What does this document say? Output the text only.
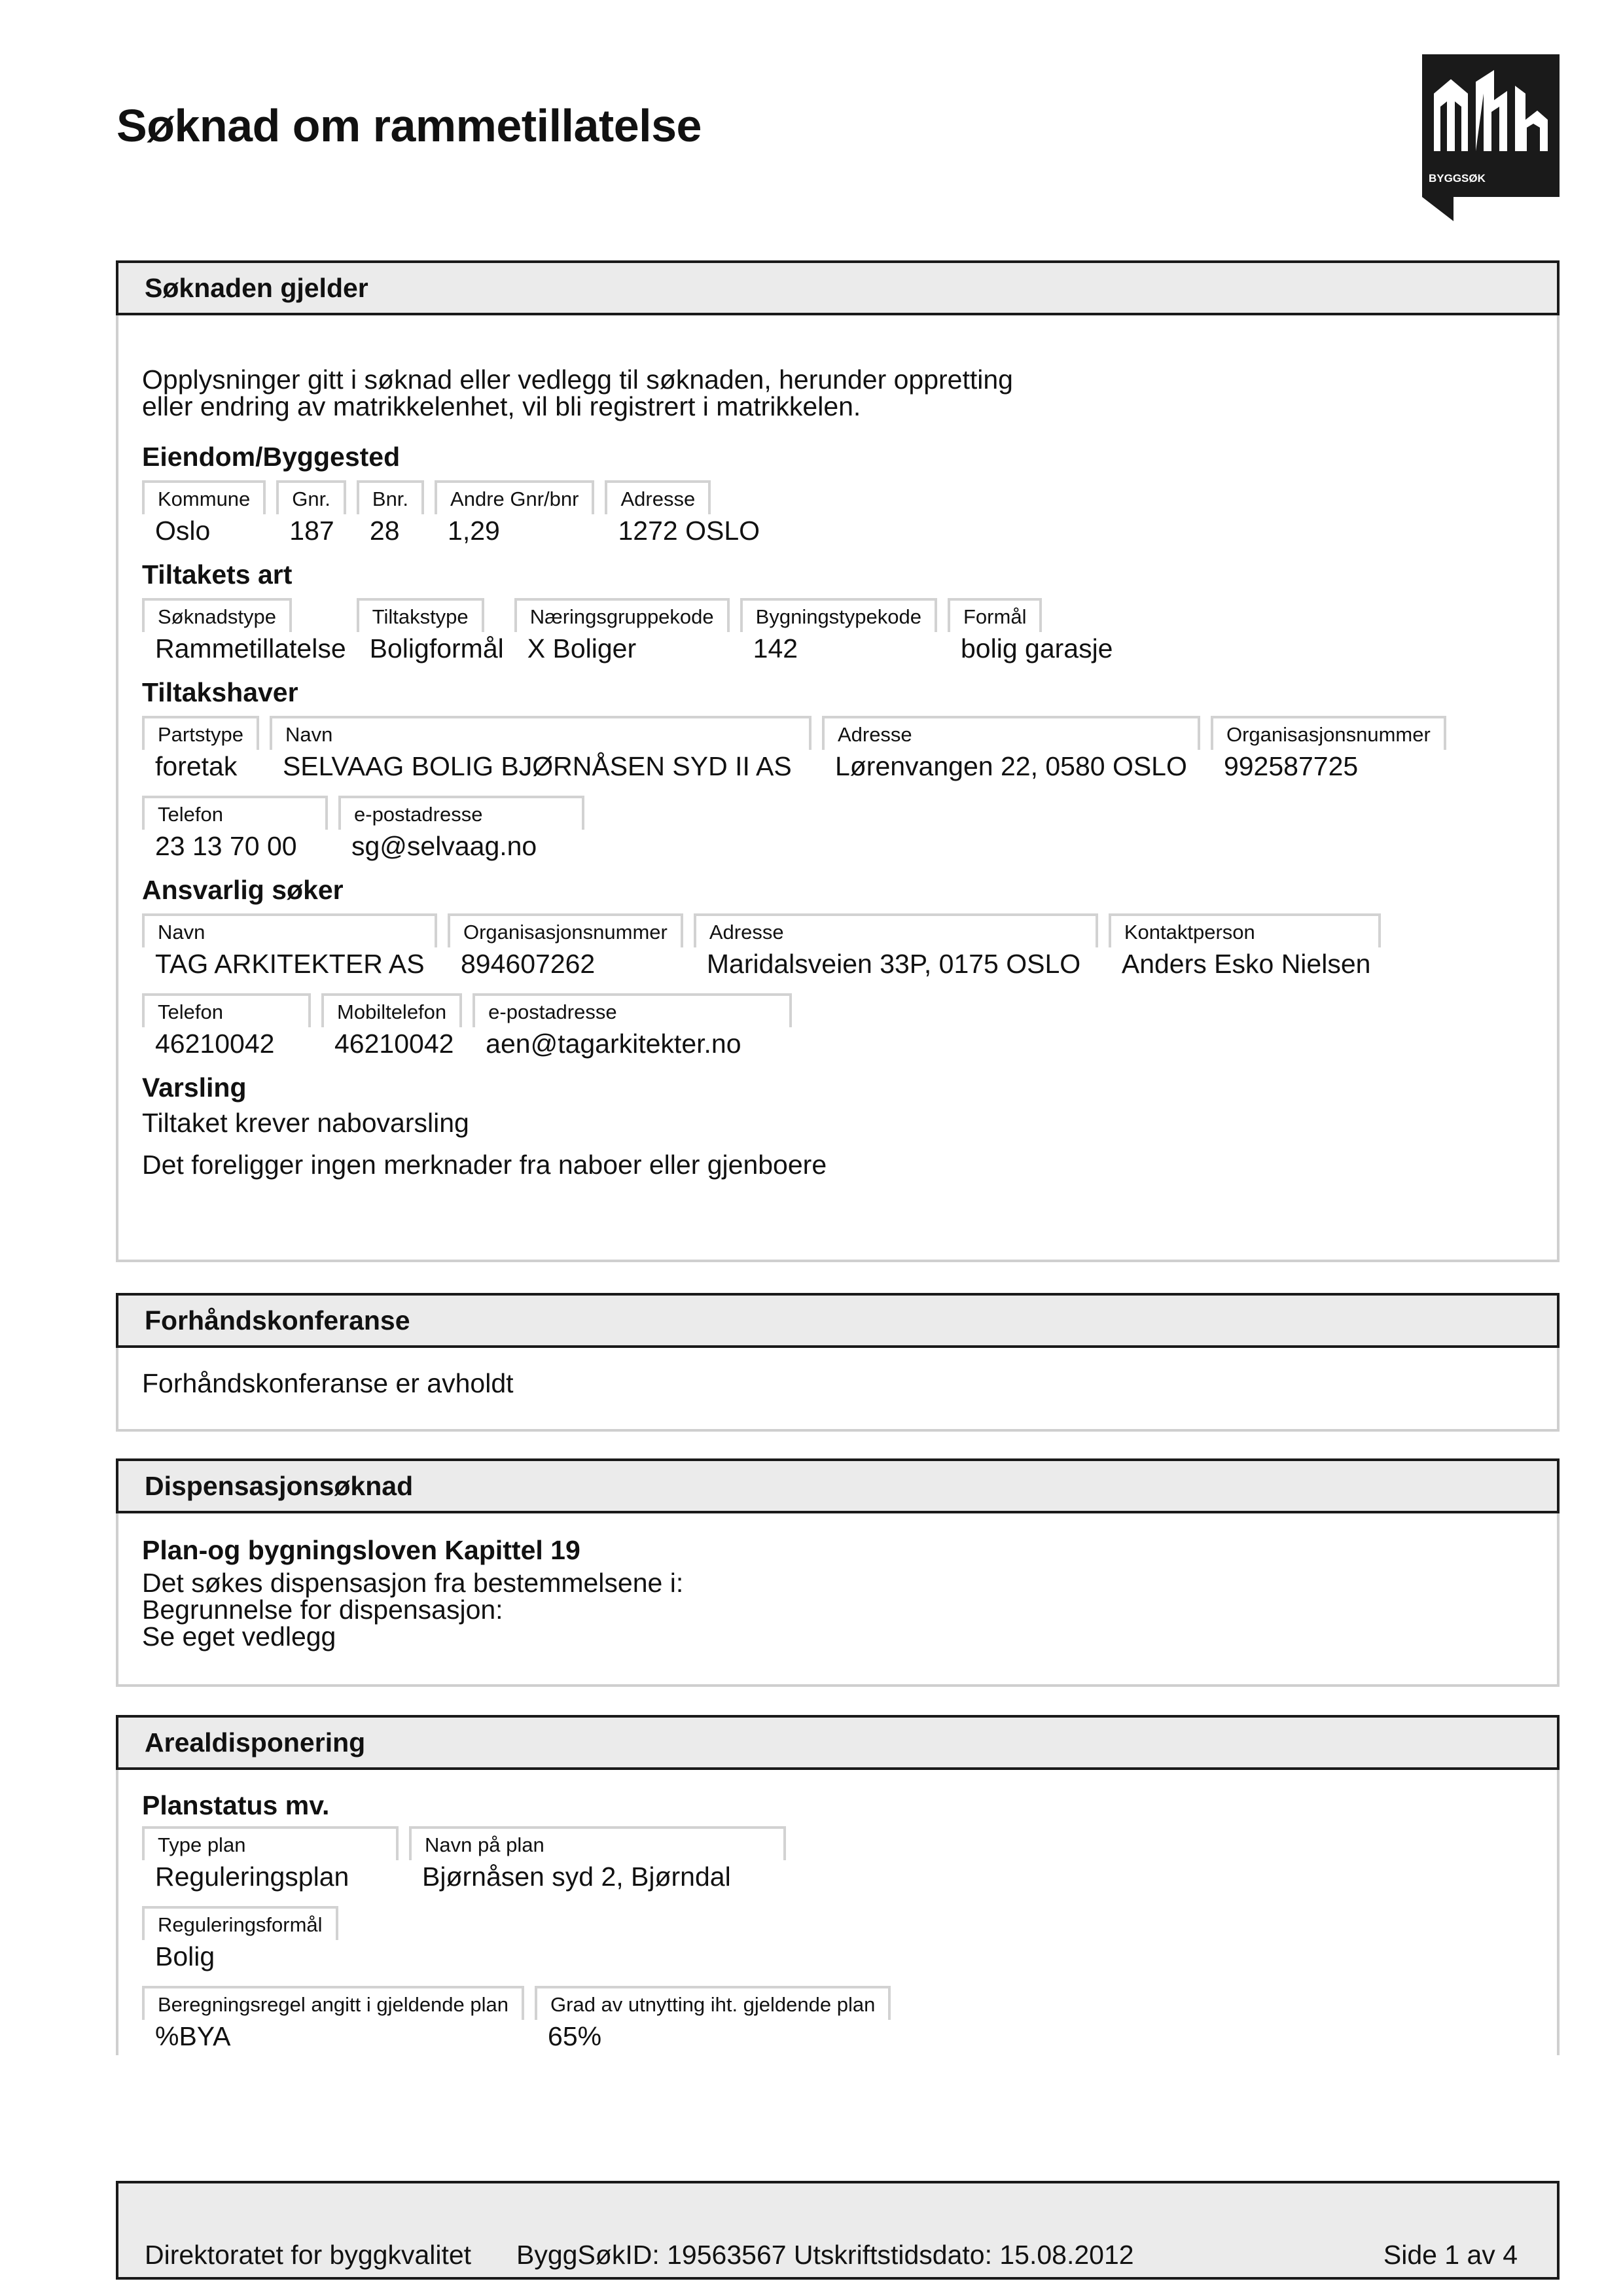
Søknad om rammetillatelse
BYGGSØK
Søknaden gjelder

Opplysninger gitt i søknad eller vedlegg til søknaden, herunder oppretting

eller endring av matrikkelenhet, vil bli registrert i matrikkelen.

Eiendom/Byggested

Kommune
Oslo
Gnr.
187
Bnr.
28
Andre Gnr/bnr
1,29
Adresse
1272 OSLO

Tiltakets art

Søknadstype
Rammetillatelse
Tiltakstype
Boligformål
Næringsgruppekode
X Boliger
Bygningstypekode
142
Formål
bolig garasje

Tiltakshaver

Partstype
foretak
Navn
SELVAAG BOLIG BJØRNÅSEN SYD II AS
Adresse
Lørenvangen 22, 0580 OSLO
Organisasjonsnummer
992587725
Telefon
23 13 70 00
e-postadresse
sg@selvaag.no

Ansvarlig søker

Navn
TAG ARKITEKTER AS
Organisasjonsnummer
894607262
Adresse
Maridalsveien 33P, 0175 OSLO
Kontaktperson
Anders Esko Nielsen
Telefon
46210042
Mobiltelefon
46210042
e-postadresse
aen@tagarkitekter.no

Varsling

Tiltaket krever nabovarsling

Det foreligger ingen merknader fra naboer eller gjenboere

Forhåndskonferanse

Forhåndskonferanse er avholdt

Dispensasjonsøknad

Plan-og bygningsloven Kapittel 19

Det søkes dispensasjon fra bestemmelsene i:

Begrunnelse for dispensasjon:

Se eget vedlegg

Arealdisponering

Planstatus mv.

Type plan
Reguleringsplan
Navn på plan
Bjørnåsen syd 2, Bjørndal
Reguleringsformål
Bolig
Beregningsregel angitt i gjeldende plan
%BYA
Grad av utnytting iht. gjeldende plan
65%
Direktoratet for byggkvalitet ByggSøkID: 19563567 Utskriftstidsdato: 15.08.2012	Side 1 av 4
